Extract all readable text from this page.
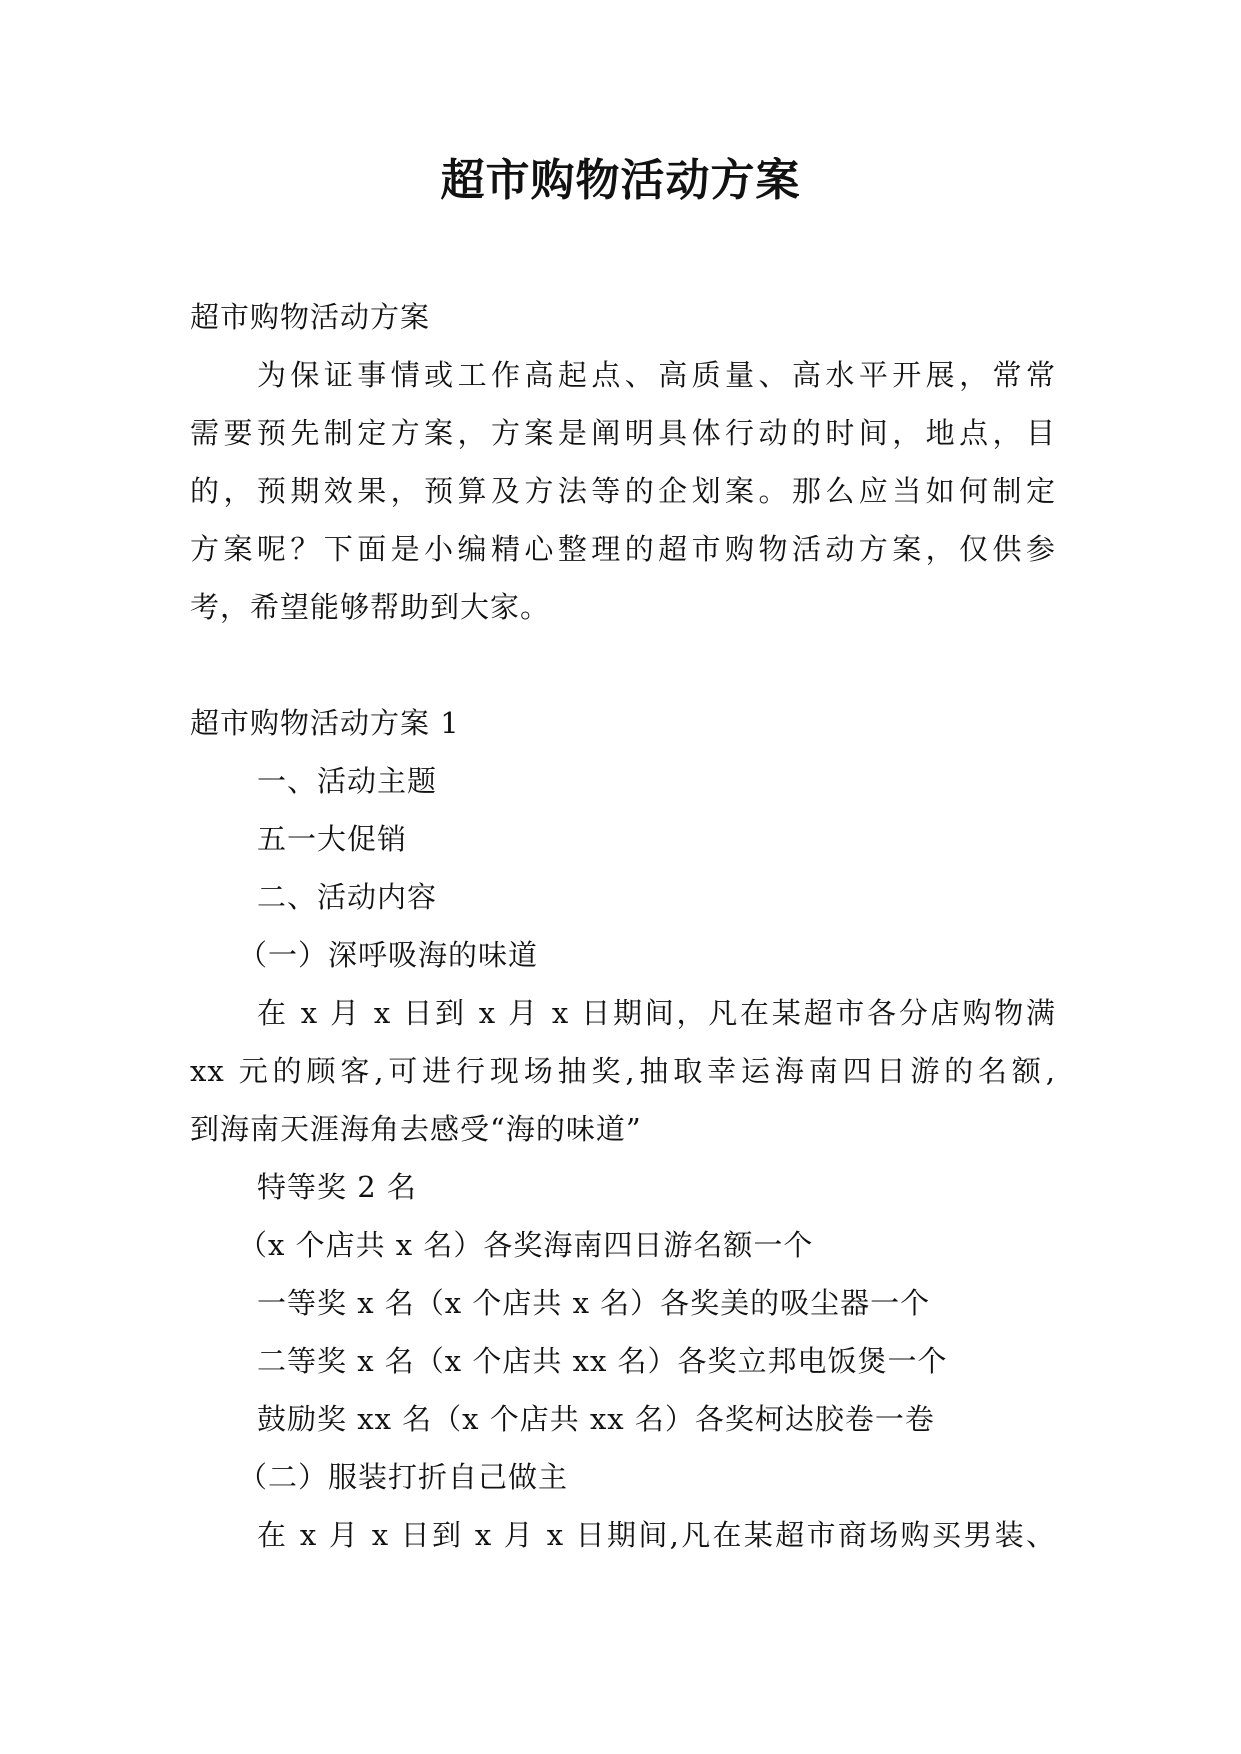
超市购物活动方案

超市购物活动方案

为保证事情或工作高起点、高质量、高水平开展，常常

需要预先制定方案，方案是阐明具体行动的时间，地点，目

的，预期效果，预算及方法等的企划案。那么应当如何制定

方案呢？下面是小编精心整理的超市购物活动方案，仅供参

考，希望能够帮助到大家。

超市购物活动方案 1

一、活动主题

五一大促销

二、活动内容

（一）深呼吸海的味道

在 x 月 x 日到 x 月 x 日期间，凡在某超市各分店购物满

xx 元的顾客,可进行现场抽奖,抽取幸运海南四日游的名额,

到海南天涯海角去感受“海的味道”

特等奖 2 名

（x 个店共 x 名）各奖海南四日游名额一个

一等奖 x 名（x 个店共 x 名）各奖美的吸尘器一个

二等奖 x 名（x 个店共 xx 名）各奖立邦电饭煲一个

鼓励奖 xx 名（x 个店共 xx 名）各奖柯达胶卷一卷

（二）服装打折自己做主

在 x 月 x 日到 x 月 x 日期间,凡在某超市商场购买男装、
